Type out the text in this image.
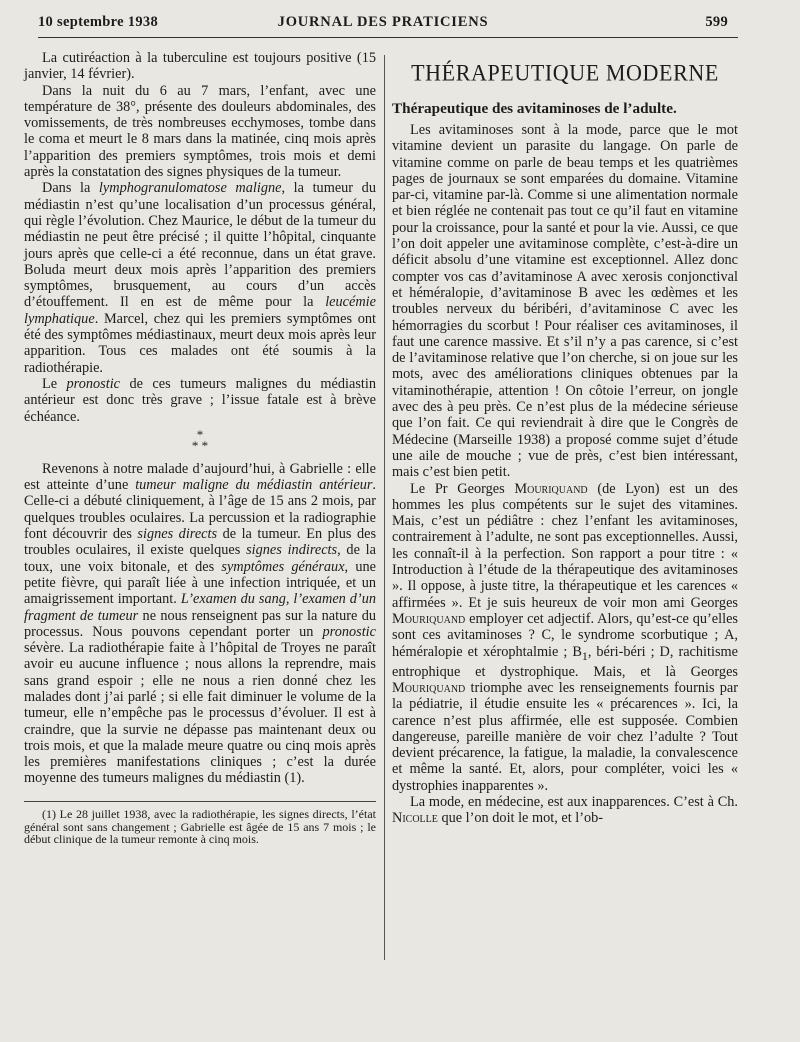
10 septembre 1938	JOURNAL DES PRATICIENS	599

La cutiréaction à la tuberculine est toujours positive (15 janvier, 14 février).

Dans la nuit du 6 au 7 mars, l’enfant, avec une température de 38°, présente des douleurs abdominales, des vomissements, de très nombreuses ecchymoses, tombe dans le coma et meurt le 8 mars dans la matinée, cinq mois après l’apparition des premiers symptômes, trois mois et demi après la constatation des signes physiques de la tumeur.

Dans la lymphogranulomatose maligne, la tumeur du médiastin n’est qu’une localisation d’un processus général, qui règle l’évolution. Chez Maurice, le début de la tumeur du médiastin ne peut être précisé ; il quitte l’hôpital, cinquante jours après que celle-ci a été reconnue, dans un état grave. Boluda meurt deux mois après l’apparition des premiers symptômes, brusquement, au cours d’un accès d’étouffement. Il en est de même pour la leucémie lymphatique. Marcel, chez qui les premiers symptômes ont été des symptômes médiastinaux, meurt deux mois après leur apparition. Tous ces malades ont été soumis à la radiothérapie.

Le pronostic de ces tumeurs malignes du médiastin antérieur est donc très grave ; l’issue fatale est à brève échéance.

*
* *

Revenons à notre malade d’aujourd’hui, à Gabrielle : elle est atteinte d’une tumeur maligne du médiastin antérieur. Celle-ci a débuté cliniquement, à l’âge de 15 ans 2 mois, par quelques troubles oculaires. La percussion et la radiographie font découvrir des signes directs de la tumeur. En plus des troubles oculaires, il existe quelques signes indirects, de la toux, une voix bitonale, et des symptômes généraux, une petite fièvre, qui paraît liée à une infection intriquée, et un amaigrissement important. L’examen du sang, l’examen d’un fragment de tumeur ne nous renseignent pas sur la nature du processus. Nous pouvons cependant porter un pronostic sévère. La radiothérapie faite à l’hôpital de Troyes ne paraît avoir eu aucune influence ; nous allons la reprendre, mais sans grand espoir ; elle ne nous a rien donné chez les malades dont j’ai parlé ; si elle fait diminuer le volume de la tumeur, elle n’empêche pas le processus d’évoluer. Il est à craindre, que la survie ne dépasse pas maintenant deux ou trois mois, et que la malade meure quatre ou cinq mois après les premières manifestations cliniques ; c’est la durée moyenne des tumeurs malignes du médiastin (1).

(1) Le 28 juillet 1938, avec la radiothérapie, les signes directs, l’état général sont sans changement ; Gabrielle est âgée de 15 ans 7 mois ; le début clinique de la tumeur remonte à cinq mois.

THÉRAPEUTIQUE MODERNE

Thérapeutique des avitaminoses de l’adulte.

Les avitaminoses sont à la mode, parce que le mot vitamine devient un parasite du langage. On parle de vitamine comme on parle de beau temps et les quatrièmes pages de journaux se sont emparées du domaine. Vitamine par-ci, vitamine par-là. Comme si une alimentation normale et bien réglée ne contenait pas tout ce qu’il faut en vitamine pour la croissance, pour la santé et pour la vie. Aussi, ce que l’on doit appeler une avitaminose complète, c’est-à-dire un déficit absolu d’une vitamine est exceptionnel. Allez donc compter vos cas d’avitaminose A avec xerosis conjonctival et héméralopie, d’avitaminose B avec les œdèmes et les troubles nerveux du béribéri, d’avitaminose C avec les hémorragies du scorbut ! Pour réaliser ces avitaminoses, il faut une carence massive. Et s’il n’y a pas carence, si c’est de l’avitaminose relative que l’on cherche, si on joue sur les mots, avec des améliorations cliniques obtenues par la vitaminothérapie, attention ! On côtoie l’erreur, on jongle avec des à peu près. Ce n’est plus de la médecine sérieuse que l’on fait. Ce qui reviendrait à dire que le Congrès de Médecine (Marseille 1938) a proposé comme sujet d’étude une aile de mouche ; vue de près, c’est bien intéressant, mais c’est bien petit.

Le Pr Georges Mouriquand (de Lyon) est un des hommes les plus compétents sur le sujet des vitamines. Mais, c’est un pédiâtre : chez l’enfant les avitaminoses, contrairement à l’adulte, ne sont pas exceptionnelles. Aussi, les connaît-il à la perfection. Son rapport a pour titre : « Introduction à l’étude de la thérapeutique des avitaminoses ». Il oppose, à juste titre, la thérapeutique et les carences « affirmées ». Et je suis heureux de voir mon ami Georges Mouriquand employer cet adjectif. Alors, qu’est-ce qu’elles sont ces avitaminoses ? C, le syndrome scorbutique ; A, héméralopie et xérophtalmie ; $B_1$, béri-béri ; D, rachitisme entrophique et dystrophique. Mais, et là Georges Mouriquand triomphe avec les renseignements fournis par la pédiatrie, il étudie ensuite les « précarences ». Ici, la carence n’est plus affirmée, elle est supposée. Combien dangereuse, pareille manière de voir chez l’adulte ? Tout devient précarence, la fatigue, la maladie, la convalescence et même la santé. Et, alors, pour compléter, voici les « dystrophies inapparentes ».

La mode, en médecine, est aux inapparences. C’est à Ch. Nicolle que l’on doit le mot, et l’ob-
